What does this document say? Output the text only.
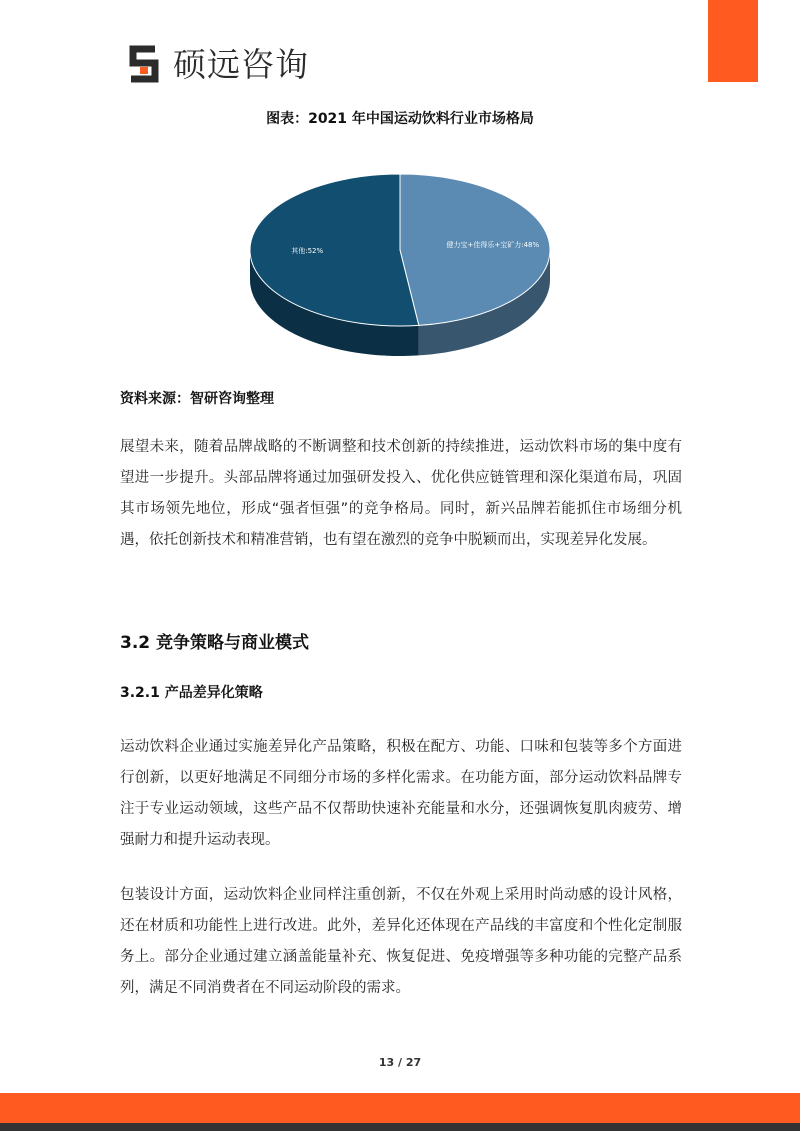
硕远咨询
图表：2021 年中国运动饮料行业市场格局
健力宝+佳得乐+宝矿力:48%
其他:52%
资料来源：智研咨询整理

展望未来，随着品牌战略的不断调整和技术创新的持续推进，运动饮料市场的集中度有望进一步提升。头部品牌将通过加强研发投入、优化供应链管理和深化渠道布局，巩固其市场领先地位，形成“强者恒强”的竞争格局。同时，新兴品牌若能抓住市场细分机遇，依托创新技术和精准营销，也有望在激烈的竞争中脱颖而出，实现差异化发展。

3.2 竞争策略与商业模式
3.2.1 产品差异化策略

运动饮料企业通过实施差异化产品策略，积极在配方、功能、口味和包装等多个方面进行创新，以更好地满足不同细分市场的多样化需求。在功能方面，部分运动饮料品牌专注于专业运动领域，这些产品不仅帮助快速补充能量和水分，还强调恢复肌肉疲劳、增强耐力和提升运动表现。

包装设计方面，运动饮料企业同样注重创新，不仅在外观上采用时尚动感的设计风格，还在材质和功能性上进行改进。此外，差异化还体现在产品线的丰富度和个性化定制服务上。部分企业通过建立涵盖能量补充、恢复促进、免疫增强等多种功能的完整产品系列，满足不同消费者在不同运动阶段的需求。

13 / 27
